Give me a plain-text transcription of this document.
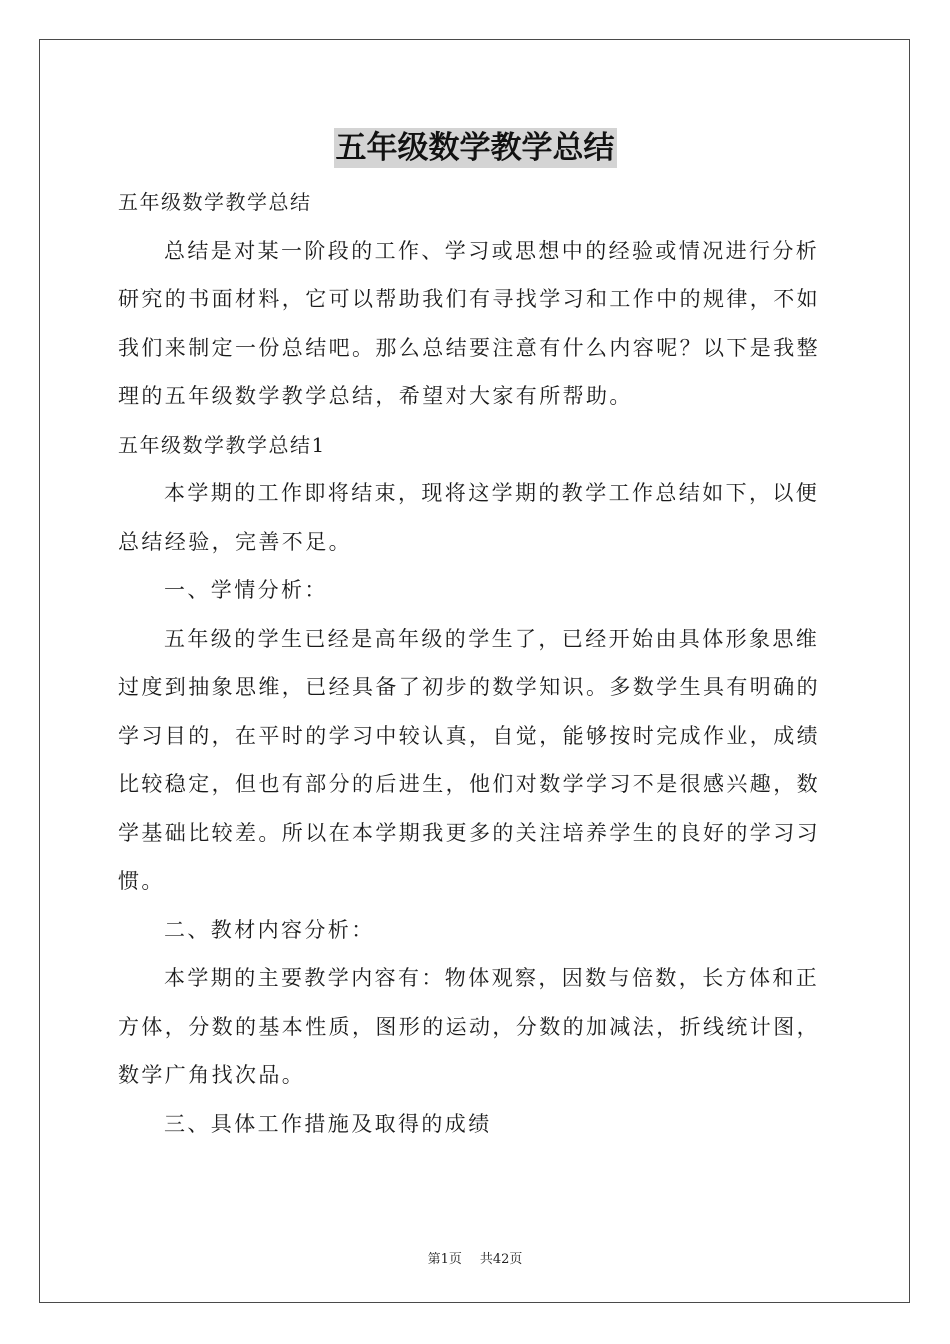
五年级数学教学总结

五年级数学教学总结

总结是对某一阶段的工作、学习或思想中的经验或情况进行分析研究的书面材料，它可以帮助我们有寻找学习和工作中的规律，不如我们来制定一份总结吧。那么总结要注意有什么内容呢？以下是我整理的五年级数学教学总结，希望对大家有所帮助。

五年级数学教学总结1

本学期的工作即将结束，现将这学期的教学工作总结如下，以便总结经验，完善不足。

一、学情分析：

五年级的学生已经是高年级的学生了，已经开始由具体形象思维过度到抽象思维，已经具备了初步的数学知识。多数学生具有明确的学习目的，在平时的学习中较认真，自觉，能够按时完成作业，成绩比较稳定，但也有部分的后进生，他们对数学学习不是很感兴趣，数学基础比较差。所以在本学期我更多的关注培养学生的良好的学习习惯。

二、教材内容分析：

本学期的主要教学内容有：物体观察，因数与倍数，长方体和正方体，分数的基本性质，图形的运动，分数的加减法，折线统计图，数学广角找次品。

三、具体工作措施及取得的成绩

第1页 共42页
